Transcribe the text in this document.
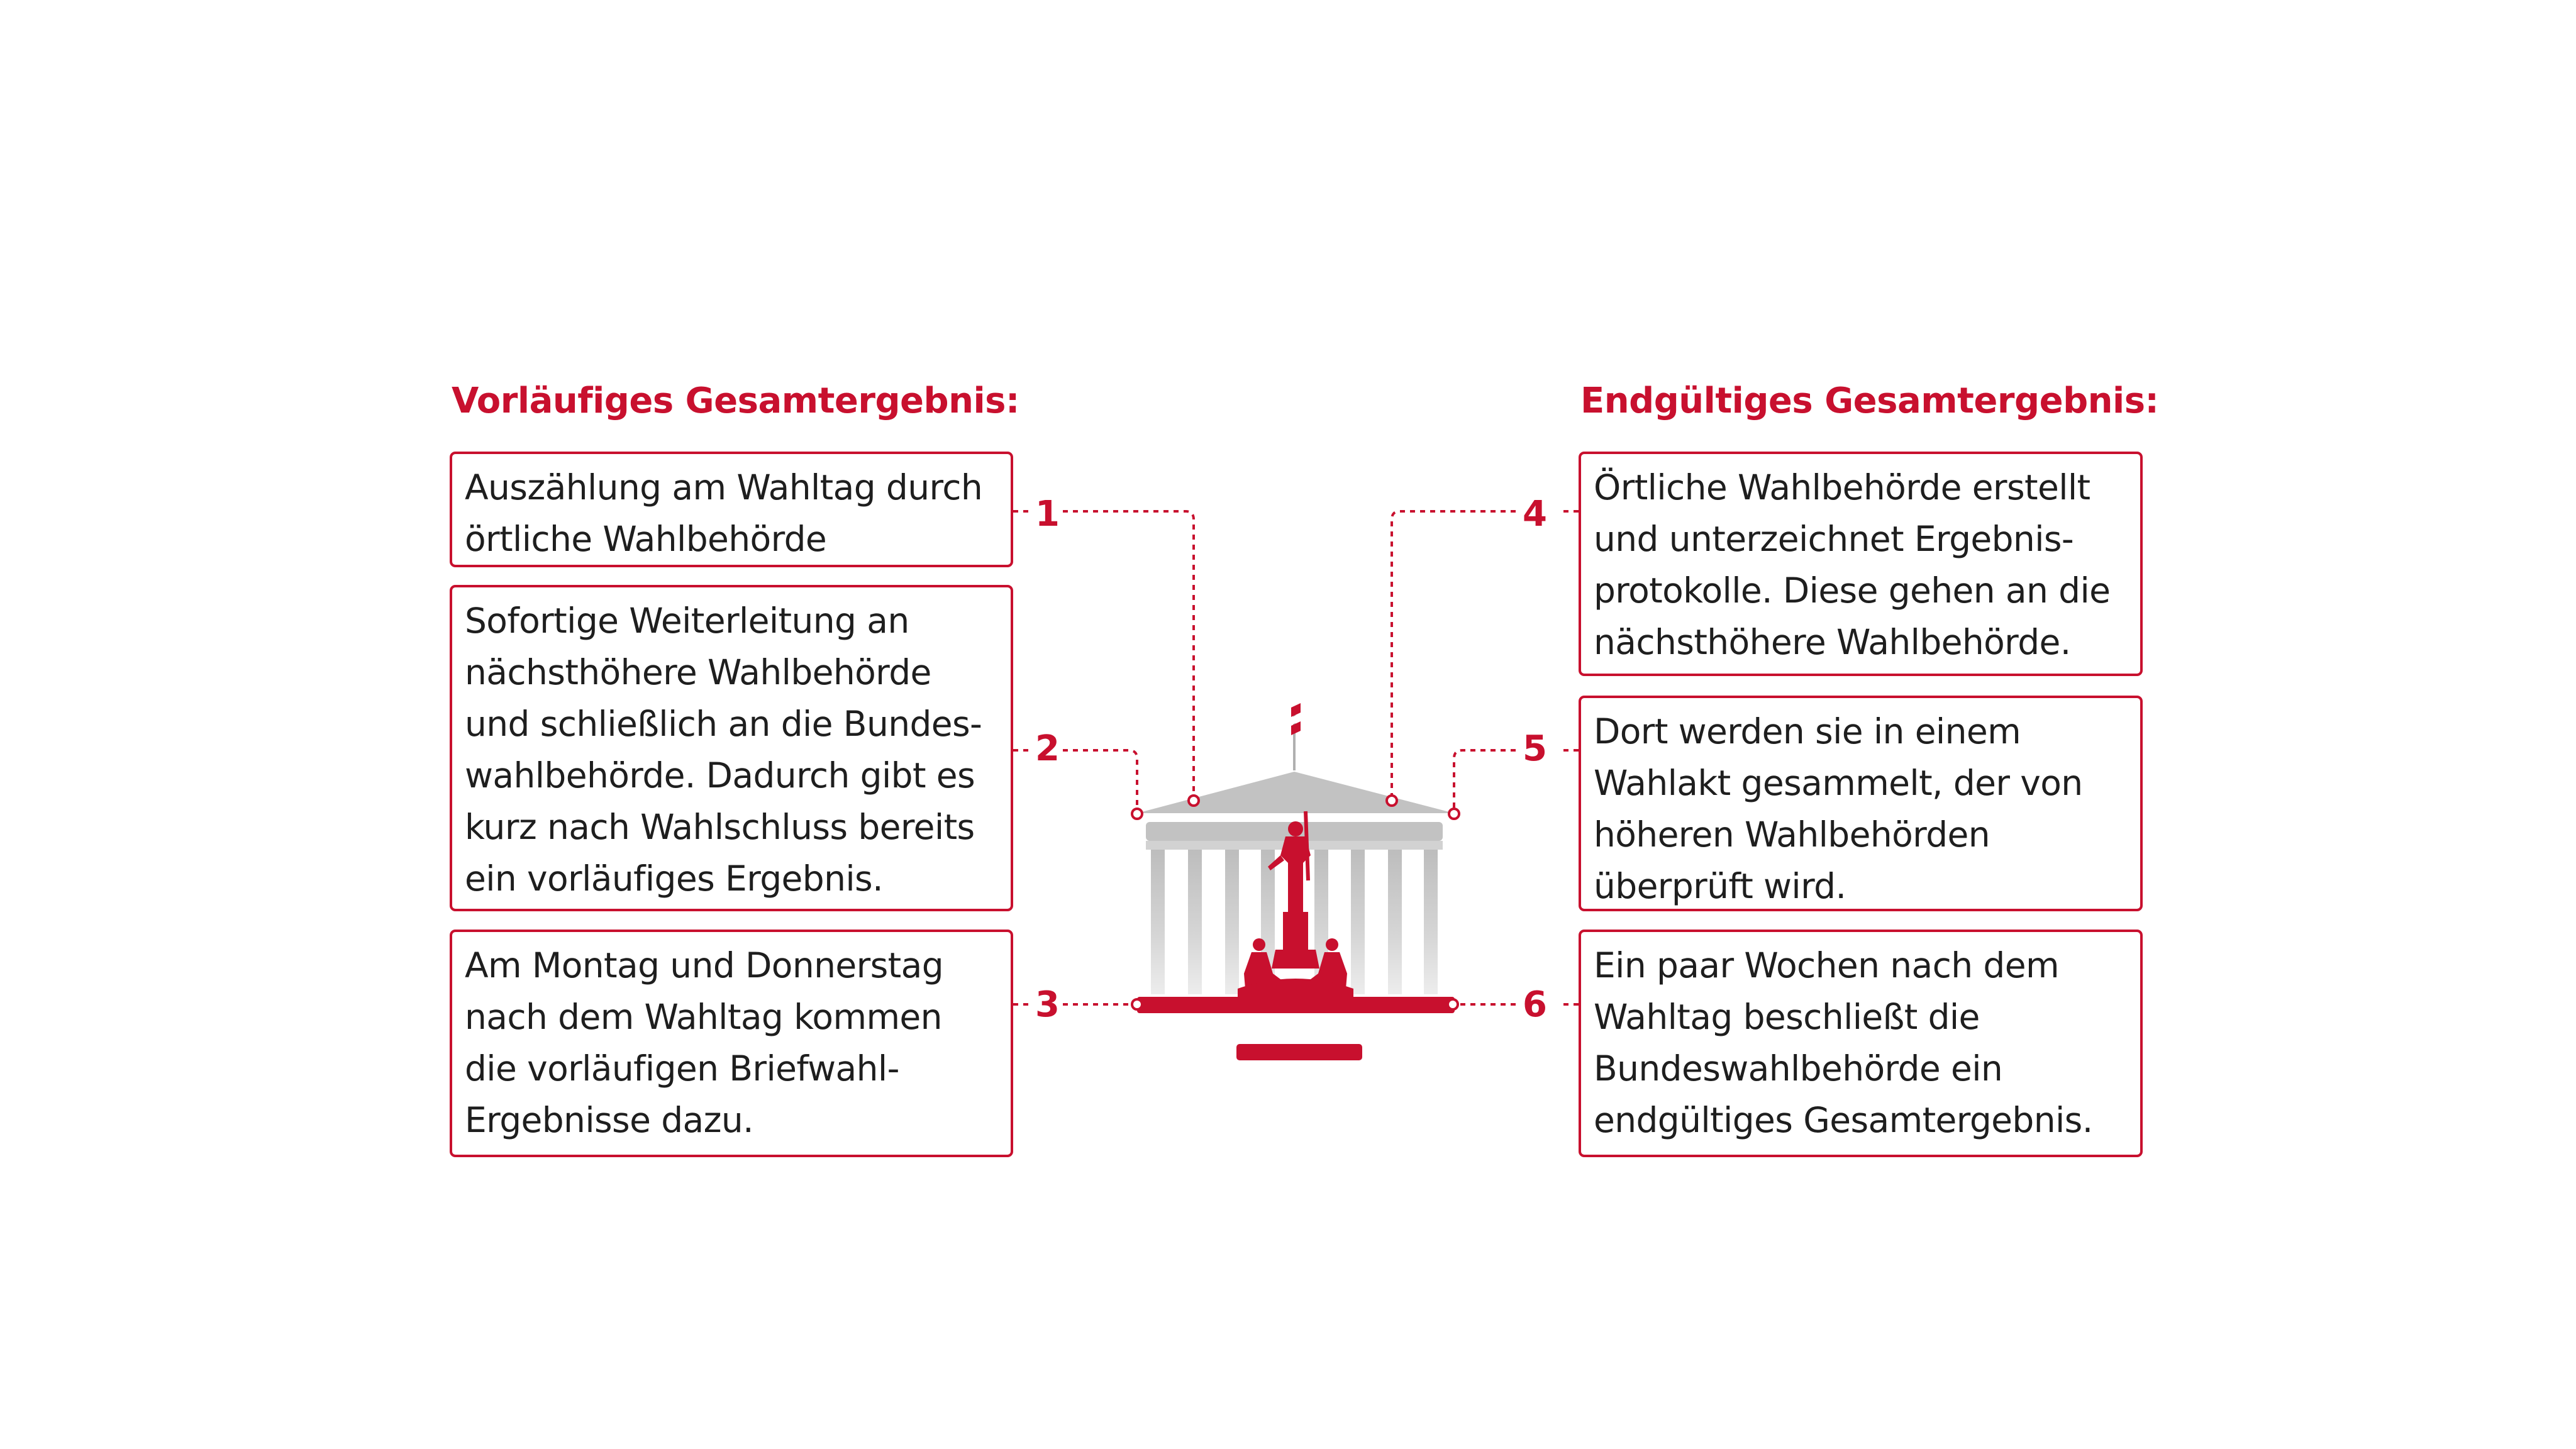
Vorläufiges Gesamtergebnis:	Endgültiges Gesamtergebnis:
Auszählung am Wahltag durch
örtliche Wahlbehörde
Sofortige Weiterleitung an
nächsthöhere Wahlbehörde
und schließlich an die Bundes-
wahlbehörde. Dadurch gibt es
kurz nach Wahlschluss bereits
ein vorläufiges Ergebnis.
Am Montag und Donnerstag
nach dem Wahltag kommen
die vorläufigen Briefwahl-
Ergebnisse dazu.
Örtliche Wahlbehörde erstellt
und unterzeichnet Ergebnis-
protokolle. Diese gehen an die
nächsthöhere Wahlbehörde.
Dort werden sie in einem
Wahlakt gesammelt, der von
höheren Wahlbehörden
überprüft wird.
Ein paar Wochen nach dem
Wahltag beschließt die
Bundeswahlbehörde ein
endgültiges Gesamtergebnis.
1
2
3
4
5
6
